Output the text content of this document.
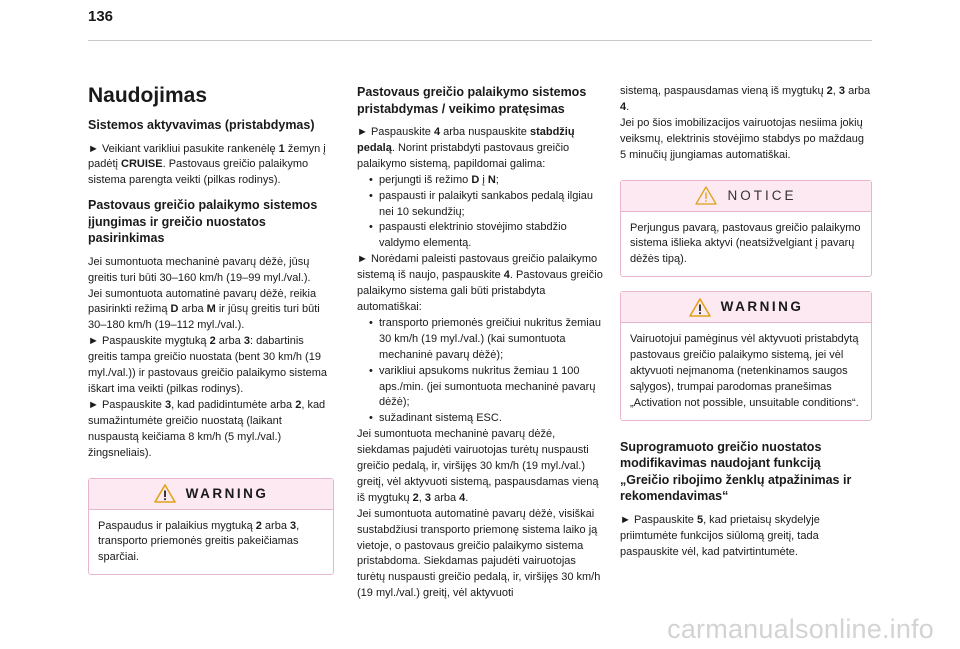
136
Naudojimas
Sistemos aktyvavimas (pristabdymas)

► Veikiant varikliui pasukite rankenėlę 1 žemyn į padėtį CRUISE. Pastovaus greičio palaikymo sistema parengta veikti (pilkas rodinys).

Pastovaus greičio palaikymo sistemos įjungimas ir greičio nuostatos pasirinkimas

Jei sumontuota mechaninė pavarų dėžė, jūsų greitis turi būti 30–160 km/h (19–99 myl./val.).
Jei sumontuota automatinė pavarų dėžė, reikia pasirinkti režimą D arba M ir jūsų greitis turi būti 30–180 km/h (19–112 myl./val.).
► Paspauskite mygtuką 2 arba 3: dabartinis greitis tampa greičio nuostata (bent 30 km/h (19 myl./val.)) ir pastovaus greičio palaikymo sistema iškart ima veikti (pilkas rodinys).
► Paspauskite 3, kad padidintumėte arba 2, kad sumažintumėte greičio nuostatą (laikant nuspaustą keičiama 8 km/h (5 myl./val.) žingsneliais).

WARNING

Paspaudus ir palaikius mygtuką 2 arba 3, transporto priemonės greitis pakeičiamas sparčiai.

Pastovaus greičio palaikymo sistemos pristabdymas / veikimo pratęsimas

► Paspauskite 4 arba nuspauskite stabdžių pedalą. Norint pristabdyti pastovaus greičio palaikymo sistemą, papildomai galima:

• perjungti iš režimo D į N;
• paspausti ir palaikyti sankabos pedalą ilgiau nei 10 sekundžių;
• paspausti elektrinio stovėjimo stabdžio valdymo elementą.

► Norėdami paleisti pastovaus greičio palaikymo sistemą iš naujo, paspauskite 4. Pastovaus greičio palaikymo sistema gali būti pristabdyta automatiškai:

• transporto priemonės greičiui nukritus žemiau 30 km/h (19 myl./val.) (kai sumontuota mechaninė pavarų dėžė);
• varikliui apsukoms nukritus žemiau 1 100 aps./min. (jei sumontuota mechaninė pavarų dėžė);
• sužadinant sistemą ESC.

Jei sumontuota mechaninė pavarų dėžė, siekdamas pajudėti vairuotojas turėtų nuspausti greičio pedalą, ir, viršijęs 30 km/h (19 myl./val.) greitį, vėl aktyvuoti sistemą, paspausdamas vieną iš mygtukų 2, 3 arba 4.
Jei sumontuota automatinė pavarų dėžė, visiškai sustabdžiusi transporto priemonę sistema laiko ją vietoje, o pastovaus greičio palaikymo sistema pristabdoma. Siekdamas pajudėti vairuotojas turėtų nuspausti greičio pedalą, ir, viršijęs 30 km/h (19 myl./val.) greitį, vėl aktyvuoti

sistemą, paspausdamas vieną iš mygtukų 2, 3 arba 4.
Jei po šios imobilizacijos vairuotojas nesiima jokių veiksmų, elektrinis stovėjimo stabdys po maždaug 5 minučių įjungiamas automatiškai.

NOTICE

Perjungus pavarą, pastovaus greičio palaikymo sistema išlieka aktyvi (neatsižvelgiant į pavarų dėžės tipą).

WARNING

Vairuotojui pamėginus vėl aktyvuoti pristabdytą pastovaus greičio palaikymo sistemą, jei vėl aktyvuoti neįmanoma (netenkinamos saugos sąlygos), trumpai parodomas pranešimas „Activation not possible, unsuitable conditions“.

Suprogramuoto greičio nuostatos modifikavimas naudojant funkciją „Greičio ribojimo ženklų atpažinimas ir rekomendavimas“

► Paspauskite 5, kad prietaisų skydelyje priimtumėte funkcijos siūlomą greitį, tada paspauskite vėl, kad patvirtintumėte.

carmanualsonline.info
